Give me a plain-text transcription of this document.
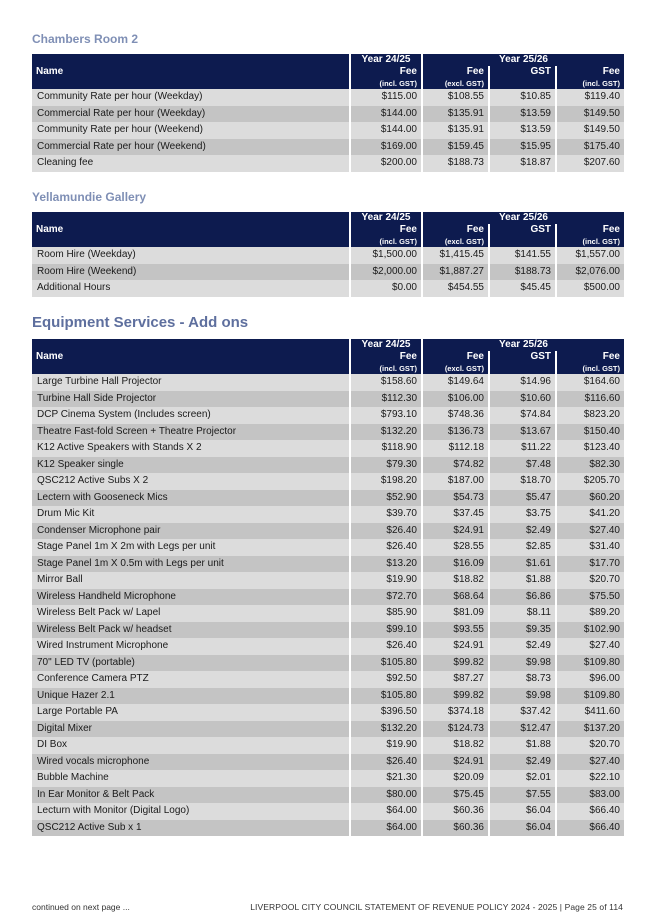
Chambers Room 2
Name	Year 24/25	Year 25/26		
	Fee	Fee	GST	Fee
	(incl. GST)	(excl. GST)		(incl. GST)
Community Rate per hour (Weekday)	$115.00	$108.55	$10.85	$119.40
Commercial Rate per hour (Weekday)	$144.00	$135.91	$13.59	$149.50
Community Rate per hour (Weekend)	$144.00	$135.91	$13.59	$149.50
Commercial Rate per hour (Weekend)	$169.00	$159.45	$15.95	$175.40
Cleaning fee	$200.00	$188.73	$18.87	$207.60
Yellamundie Gallery
Name	Year 24/25	Year 25/26		
	Fee	Fee	GST	Fee
	(incl. GST)	(excl. GST)		(incl. GST)
Room Hire (Weekday)	$1,500.00	$1,415.45	$141.55	$1,557.00
Room Hire (Weekend)	$2,000.00	$1,887.27	$188.73	$2,076.00
Additional Hours	$0.00	$454.55	$45.45	$500.00
Equipment Services - Add ons
Name	Year 24/25	Year 25/26		
	Fee	Fee	GST	Fee
	(incl. GST)	(excl. GST)		(incl. GST)
Large Turbine Hall Projector	$158.60	$149.64	$14.96	$164.60
Turbine Hall Side Projector	$112.30	$106.00	$10.60	$116.60
DCP Cinema System (Includes screen)	$793.10	$748.36	$74.84	$823.20
Theatre Fast-fold Screen + Theatre Projector	$132.20	$136.73	$13.67	$150.40
K12 Active Speakers with Stands X 2	$118.90	$112.18	$11.22	$123.40
K12 Speaker single	$79.30	$74.82	$7.48	$82.30
QSC212 Active Subs X 2	$198.20	$187.00	$18.70	$205.70
Lectern with Gooseneck Mics	$52.90	$54.73	$5.47	$60.20
Drum Mic Kit	$39.70	$37.45	$3.75	$41.20
Condenser Microphone pair	$26.40	$24.91	$2.49	$27.40
Stage Panel 1m X 2m with Legs per unit	$26.40	$28.55	$2.85	$31.40
Stage Panel 1m X 0.5m with Legs per unit	$13.20	$16.09	$1.61	$17.70
Mirror Ball	$19.90	$18.82	$1.88	$20.70
Wireless Handheld Microphone	$72.70	$68.64	$6.86	$75.50
Wireless Belt Pack w/ Lapel	$85.90	$81.09	$8.11	$89.20
Wireless Belt Pack w/ headset	$99.10	$93.55	$9.35	$102.90
Wired Instrument Microphone	$26.40	$24.91	$2.49	$27.40
70" LED TV (portable)	$105.80	$99.82	$9.98	$109.80
Conference Camera PTZ	$92.50	$87.27	$8.73	$96.00
Unique Hazer 2.1	$105.80	$99.82	$9.98	$109.80
Large Portable PA	$396.50	$374.18	$37.42	$411.60
Digital Mixer	$132.20	$124.73	$12.47	$137.20
DI Box	$19.90	$18.82	$1.88	$20.70
Wired vocals microphone	$26.40	$24.91	$2.49	$27.40
Bubble Machine	$21.30	$20.09	$2.01	$22.10
In Ear Monitor & Belt Pack	$80.00	$75.45	$7.55	$83.00
Lecturn with Monitor (Digital Logo)	$64.00	$60.36	$6.04	$66.40
QSC212 Active Sub x 1	$64.00	$60.36	$6.04	$66.40
continued on next page ...	LIVERPOOL CITY COUNCIL STATEMENT OF REVENUE POLICY 2024 - 2025 | Page 25 of 114
